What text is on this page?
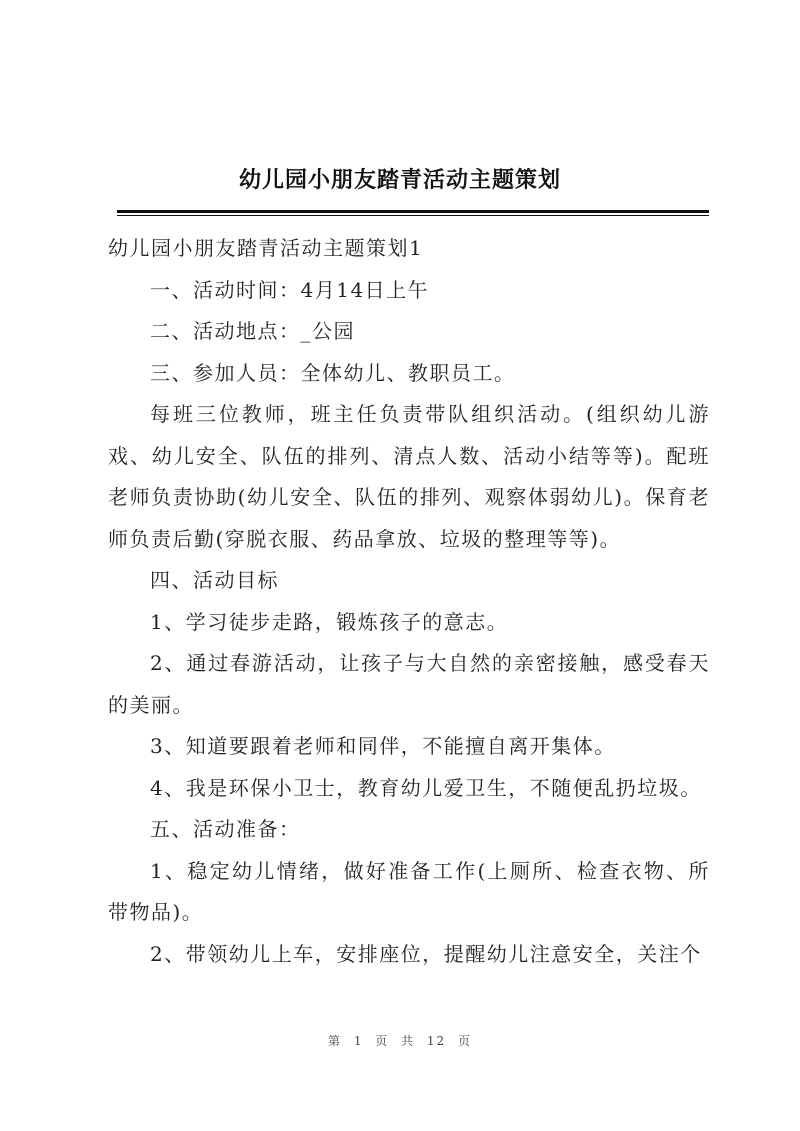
幼儿园小朋友踏青活动主题策划

幼儿园小朋友踏青活动主题策划1

一、活动时间：4月14日上午

二、活动地点：_公园

三、参加人员：全体幼儿、教职员工。

每班三位教师，班主任负责带队组织活动。(组织幼儿游戏、幼儿安全、队伍的排列、清点人数、活动小结等等)。配班老师负责协助(幼儿安全、队伍的排列、观察体弱幼儿)。保育老师负责后勤(穿脱衣服、药品拿放、垃圾的整理等等)。

四、活动目标

1、学习徒步走路，锻炼孩子的意志。

2、通过春游活动，让孩子与大自然的亲密接触，感受春天的美丽。

3、知道要跟着老师和同伴，不能擅自离开集体。

4、我是环保小卫士，教育幼儿爱卫生，不随便乱扔垃圾。

五、活动准备：

1、稳定幼儿情绪，做好准备工作(上厕所、检查衣物、所带物品)。

2、带领幼儿上车，安排座位，提醒幼儿注意安全，关注个

第 1 页 共 12 页
